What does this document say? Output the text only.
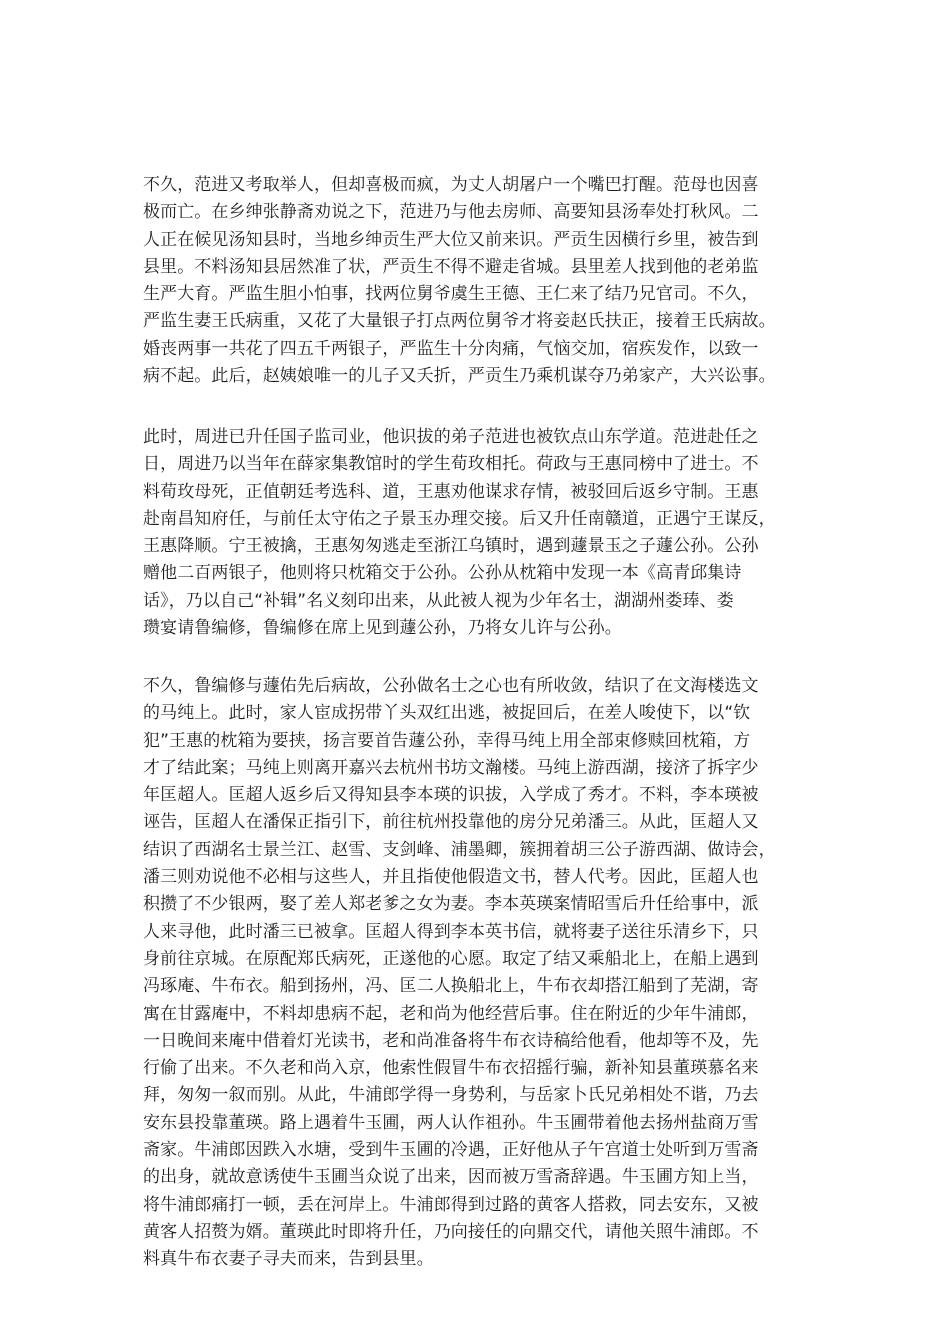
不久，范进又考取举人，但却喜极而疯，为丈人胡屠户一个嘴巴打醒。范母也因喜
极而亡。在乡绅张静斋劝说之下，范进乃与他去房师、高要知县汤奉处打秋风。二
人正在候见汤知县时，当地乡绅贡生严大位又前来识。严贡生因横行乡里，被告到
县里。不料汤知县居然准了状，严贡生不得不避走省城。县里差人找到他的老弟监
生严大育。严监生胆小怕事，找两位舅爷虞生王德、王仁来了结乃兄官司。不久，
严监生妻王氏病重，又花了大量银子打点两位舅爷才将妾赵氏扶正，接着王氏病故。
婚丧两事一共花了四五千两银子，严监生十分肉痛，气恼交加，宿疾发作，以致一
病不起。此后，赵姨娘唯一的儿子又夭折，严贡生乃乘机谋夺乃弟家产，大兴讼事。
此时，周进已升任国子监司业，他识拔的弟子范进也被钦点山东学道。范进赴任之
日，周进乃以当年在薛家集教馆时的学生荀玫相托。荷政与王惠同榜中了进士。不
料荀玫母死，正值朝廷考选科、道，王惠劝他谋求存情，被驳回后返乡守制。王惠
赴南昌知府任，与前任太守佑之子景玉办理交接。后又升任南赣道，正遇宁王谋反，
王惠降顺。宁王被擒，王惠匆匆逃走至浙江乌镇时，遇到蘧景玉之子蘧公孙。公孙
赠他二百两银子，他则将只枕箱交于公孙。公孙从枕箱中发现一本《高青邱集诗
话》，乃以自己“补辑”名义刻印出来，从此被人视为少年名士，湖湖州娄琫、娄
瓒宴请鲁编修，鲁编修在席上见到蘧公孙，乃将女儿许与公孙。
不久，鲁编修与蘧佑先后病故，公孙做名士之心也有所收敛，结识了在文海楼选文
的马纯上。此时，家人宦成拐带丫头双红出逃，被捉回后，在差人唆使下，以“钦
犯”王惠的枕箱为要挟，扬言要首告蘧公孙，幸得马纯上用全部束修赎回枕箱，方
才了结此案；马纯上则离开嘉兴去杭州书坊文瀚楼。马纯上游西湖，接济了拆字少
年匡超人。匡超人返乡后又得知县李本瑛的识拔，入学成了秀才。不料，李本瑛被
诬告，匡超人在潘保正指引下，前往杭州投靠他的房分兄弟潘三。从此，匡超人又
结识了西湖名士景兰江、赵雪、支剑峰、浦墨卿，簇拥着胡三公子游西湖、做诗会，
潘三则劝说他不必相与这些人，并且指使他假造文书，替人代考。因此，匡超人也
积攒了不少银两，娶了差人郑老爹之女为妻。李本英瑛案情昭雪后升任给事中，派
人来寻他，此时潘三已被拿。匡超人得到李本英书信，就将妻子送往乐清乡下，只
身前往京城。在原配郑氏病死，正遂他的心愿。取定了结又乘船北上，在船上遇到
冯琢庵、牛布衣。船到扬州，冯、匡二人换船北上，牛布衣却搭江船到了芜湖，寄
寓在甘露庵中，不料却患病不起，老和尚为他经营后事。住在附近的少年牛浦郎，
一日晚间来庵中借着灯光读书，老和尚准备将牛布衣诗稿给他看，他却等不及，先
行偷了出来。不久老和尚入京，他索性假冒牛布衣招摇行骗，新补知县董瑛慕名来
拜，匆匆一叙而别。从此，牛浦郎学得一身势利，与岳家卜氏兄弟相处不谐，乃去
安东县投靠董瑛。路上遇着牛玉圃，两人认作祖孙。牛玉圃带着他去扬州盐商万雪
斋家。牛浦郎因跌入水塘，受到牛玉圃的冷遇，正好他从子午宫道士处听到万雪斋
的出身，就故意诱使牛玉圃当众说了出来，因而被万雪斋辞遇。牛玉圃方知上当，
将牛浦郎痛打一顿，丢在河岸上。牛浦郎得到过路的黄客人搭救，同去安东，又被
黄客人招赘为婿。董瑛此时即将升任，乃向接任的向鼎交代，请他关照牛浦郎。不
料真牛布衣妻子寻夫而来，告到县里。
